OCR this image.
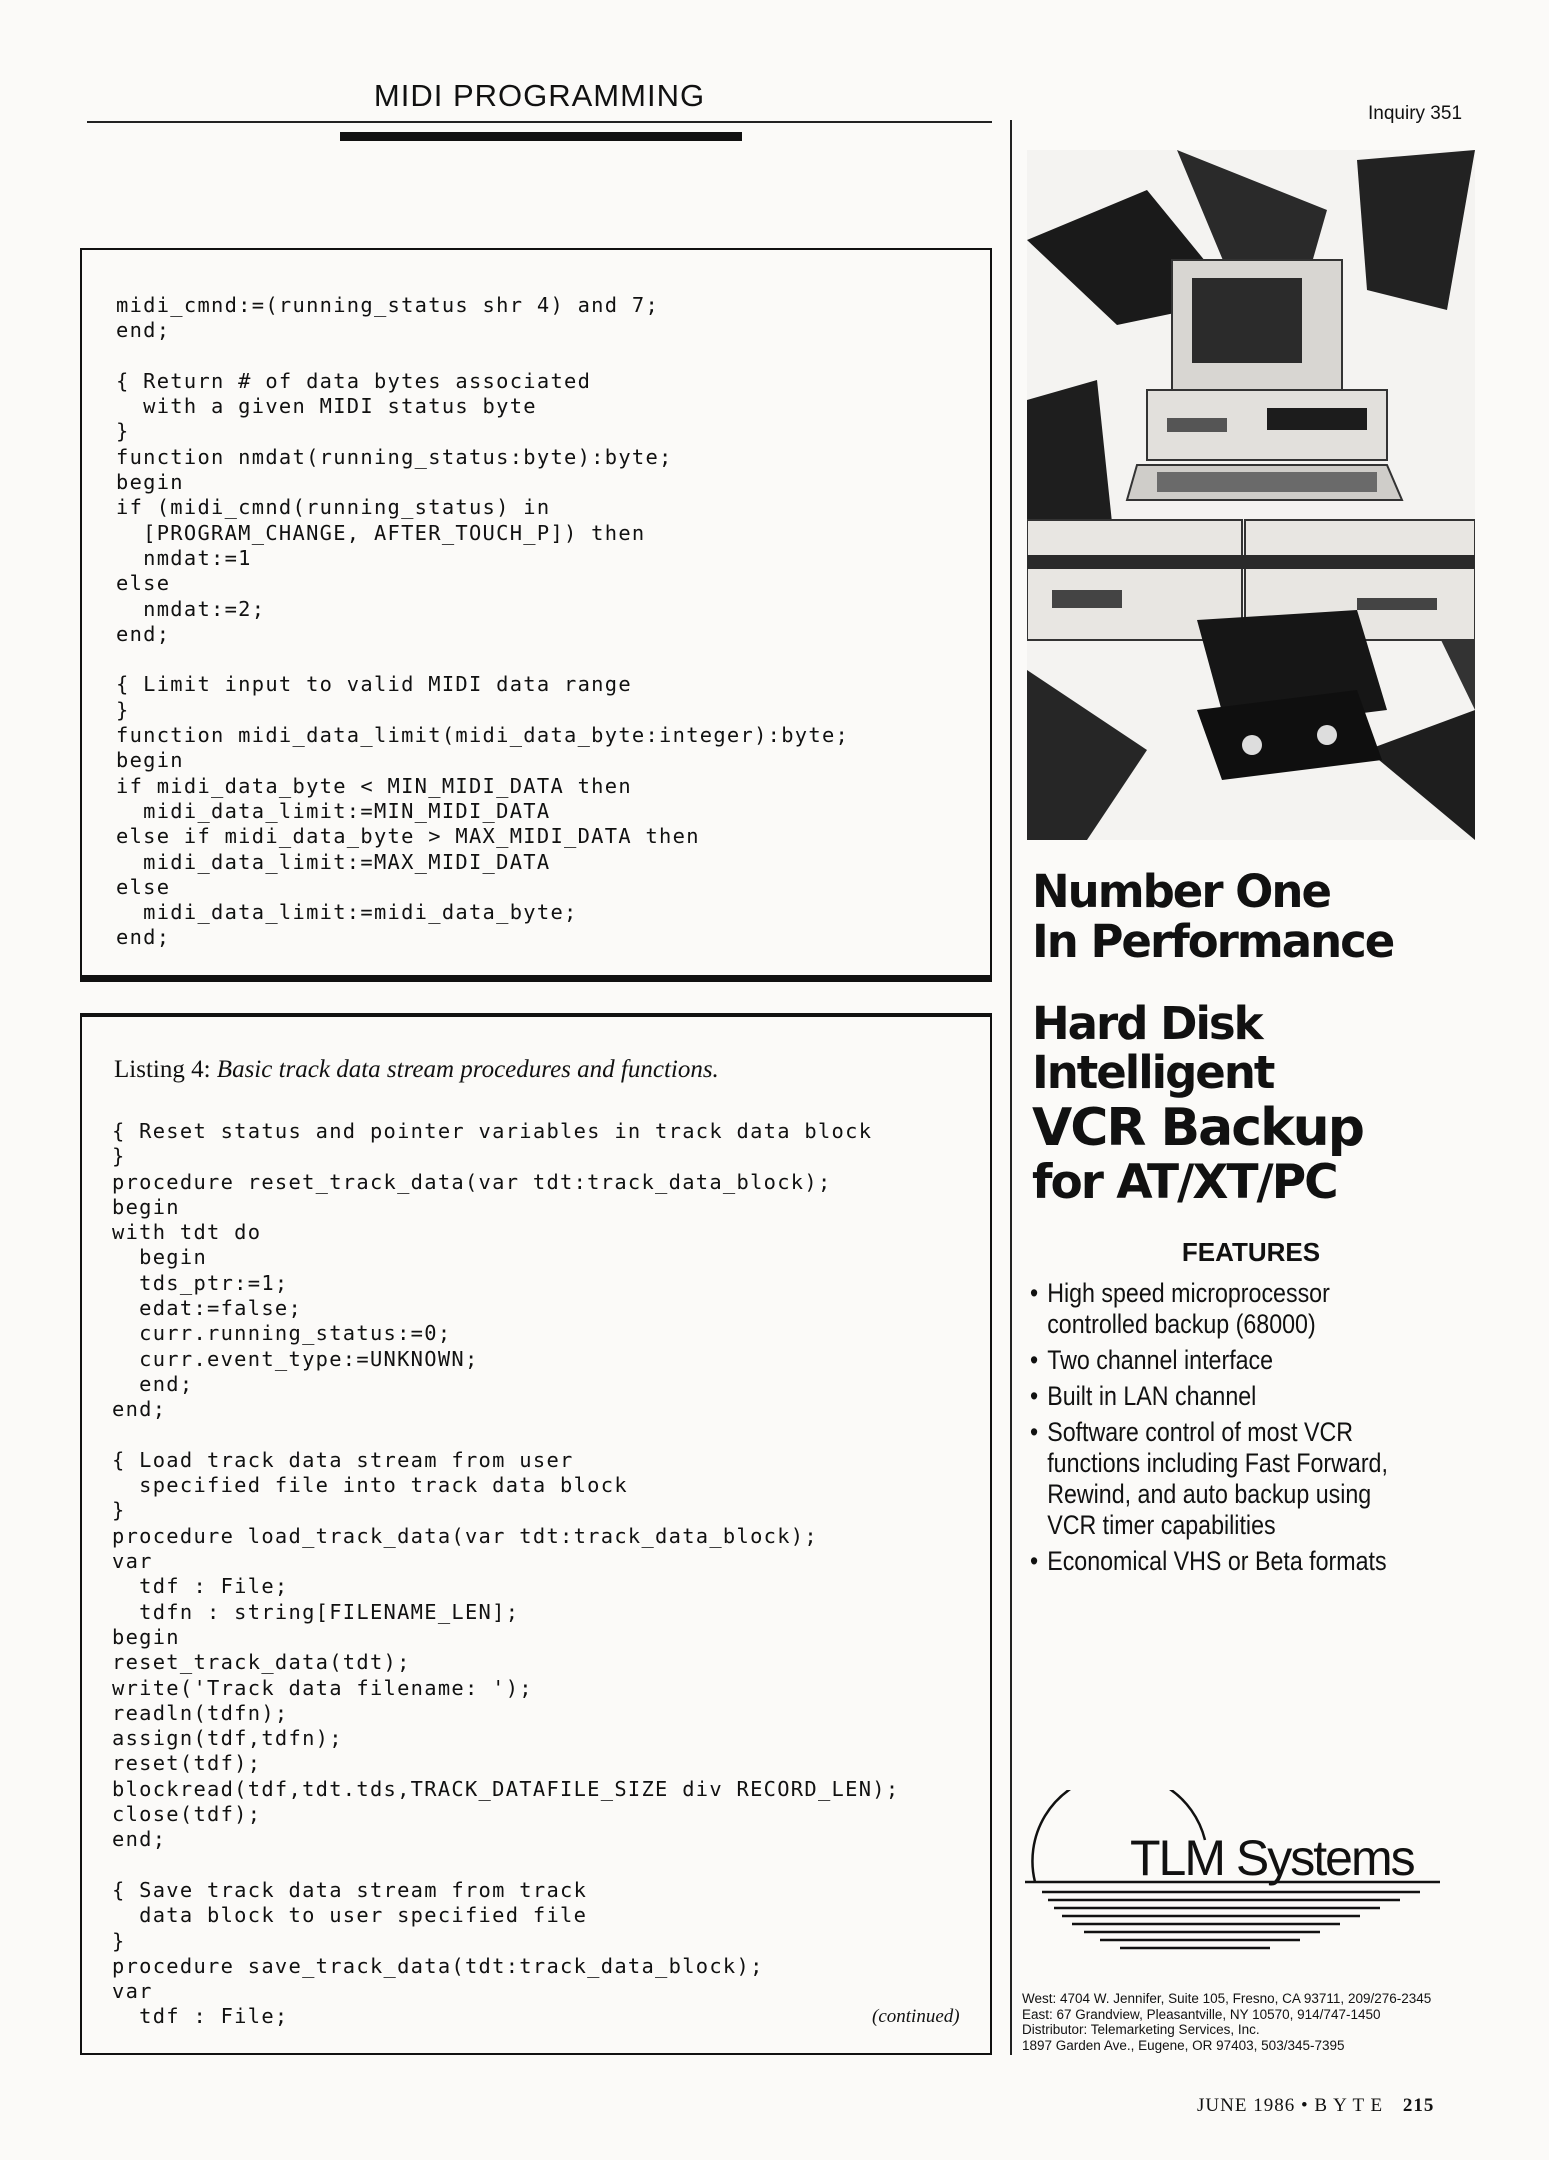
MIDI PROGRAMMING
Inquiry 351
midi_cmnd:=(running_status shr 4) and 7;
end;

{ Return # of data bytes associated
with a given MIDI status byte
}
function nmdat(running_status:byte):byte;
begin
if (midi_cmnd(running_status) in
[PROGRAM_CHANGE, AFTER_TOUCH_P]) then
nmdat:=1
else
nmdat:=2;
end;

{ Limit input to valid MIDI data range
}
function midi_data_limit(midi_data_byte:integer):byte;
begin
if midi_data_byte < MIN_MIDI_DATA then
midi_data_limit:=MIN_MIDI_DATA
else if midi_data_byte > MAX_MIDI_DATA then
midi_data_limit:=MAX_MIDI_DATA
else
midi_data_limit:=midi_data_byte;
end;
Listing 4: Basic track data stream procedures and functions.
{ Reset status and pointer variables in track data block
}
procedure reset_track_data(var tdt:track_data_block);
begin
with tdt do
begin
tds_ptr:=1;
edat:=false;
curr.running_status:=0;
curr.event_type:=UNKNOWN;
end;
end;

{ Load track data stream from user
specified file into track data block
}
procedure load_track_data(var tdt:track_data_block);
var
tdf : File;
tdfn : string[FILENAME_LEN];
begin
reset_track_data(tdt);
write('Track data filename: ');
readln(tdfn);
assign(tdf,tdfn);
reset(tdf);
blockread(tdf,tdt.tds,TRACK_DATAFILE_SIZE div RECORD_LEN);
close(tdf);
end;

{ Save track data stream from track
data block to user specified file
}
procedure save_track_data(tdt:track_data_block);
var
tdf : File;	(continued)
Number One
In Performance
Hard Disk
Intelligent
VCR Backup
for AT/XT/PC
FEATURES
• High speed microprocessor controlled backup (68000)
• Two channel interface
• Built in LAN channel
• Software control of most VCR functions including Fast Forward, Rewind, and auto backup using VCR timer capabilities
• Economical VHS or Beta formats
TLM Systems
West: 4704 W. Jennifer, Suite 105, Fresno, CA 93711, 209/276-2345
East: 67 Grandview, Pleasantville, NY 10570, 914/747-1450
Distributor: Telemarketing Services, Inc.
1897 Garden Ave., Eugene, OR 97403, 503/345-7395
JUNE 1986 • B Y T E 215
